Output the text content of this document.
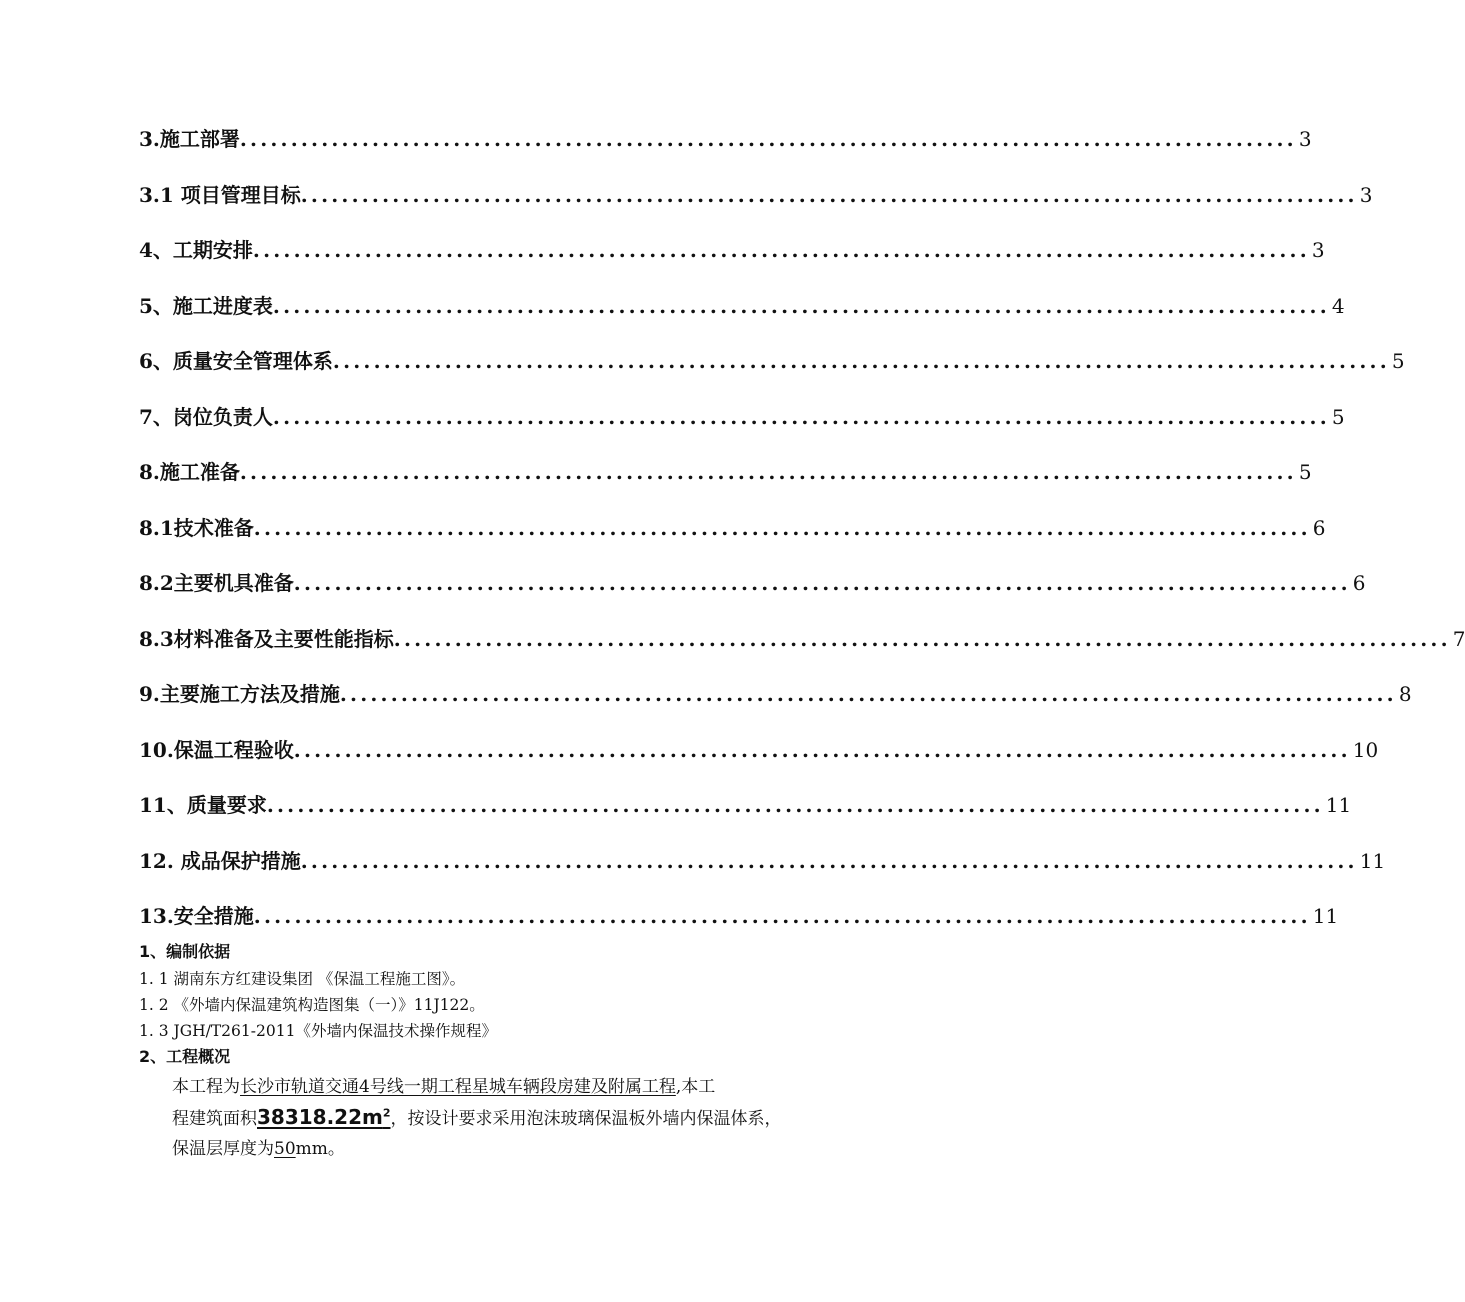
3.施工部署 ........................................................................................................ 3
3.1 项目管理目标 ........................................................................................................ 3
4、工期安排 ........................................................................................................ 3
5、施工进度表 ........................................................................................................ 4
6、质量安全管理体系 ........................................................................................................ 5
7、岗位负责人 ........................................................................................................ 5
8.施工准备 ........................................................................................................ 5
8.1技术准备 ........................................................................................................ 6
8.2主要机具准备 ........................................................................................................ 6
8.3材料准备及主要性能指标 ........................................................................................................ 7
9.主要施工方法及措施 ........................................................................................................ 8
10.保温工程验收 ........................................................................................................ 10
11、质量要求 ........................................................................................................ 11
12. 成品保护措施 ........................................................................................................ 11
13.安全措施 ........................................................................................................ 11
1、编制依据
1. 1 湖南东方红建设集团 《保温工程施工图》。
1. 2 《外墙内保温建筑构造图集（一）》11J122。
1. 3 JGH/T261-2011《外墙内保温技术操作规程》
2、工程概况
本工程为长沙市轨道交通4号线一期工程星城车辆段房建及附属工程,本工
程建筑面积$38318.22m^2$，按设计要求采用泡沫玻璃保温板外墙内保温体系，
保温层厚度为50mm。
